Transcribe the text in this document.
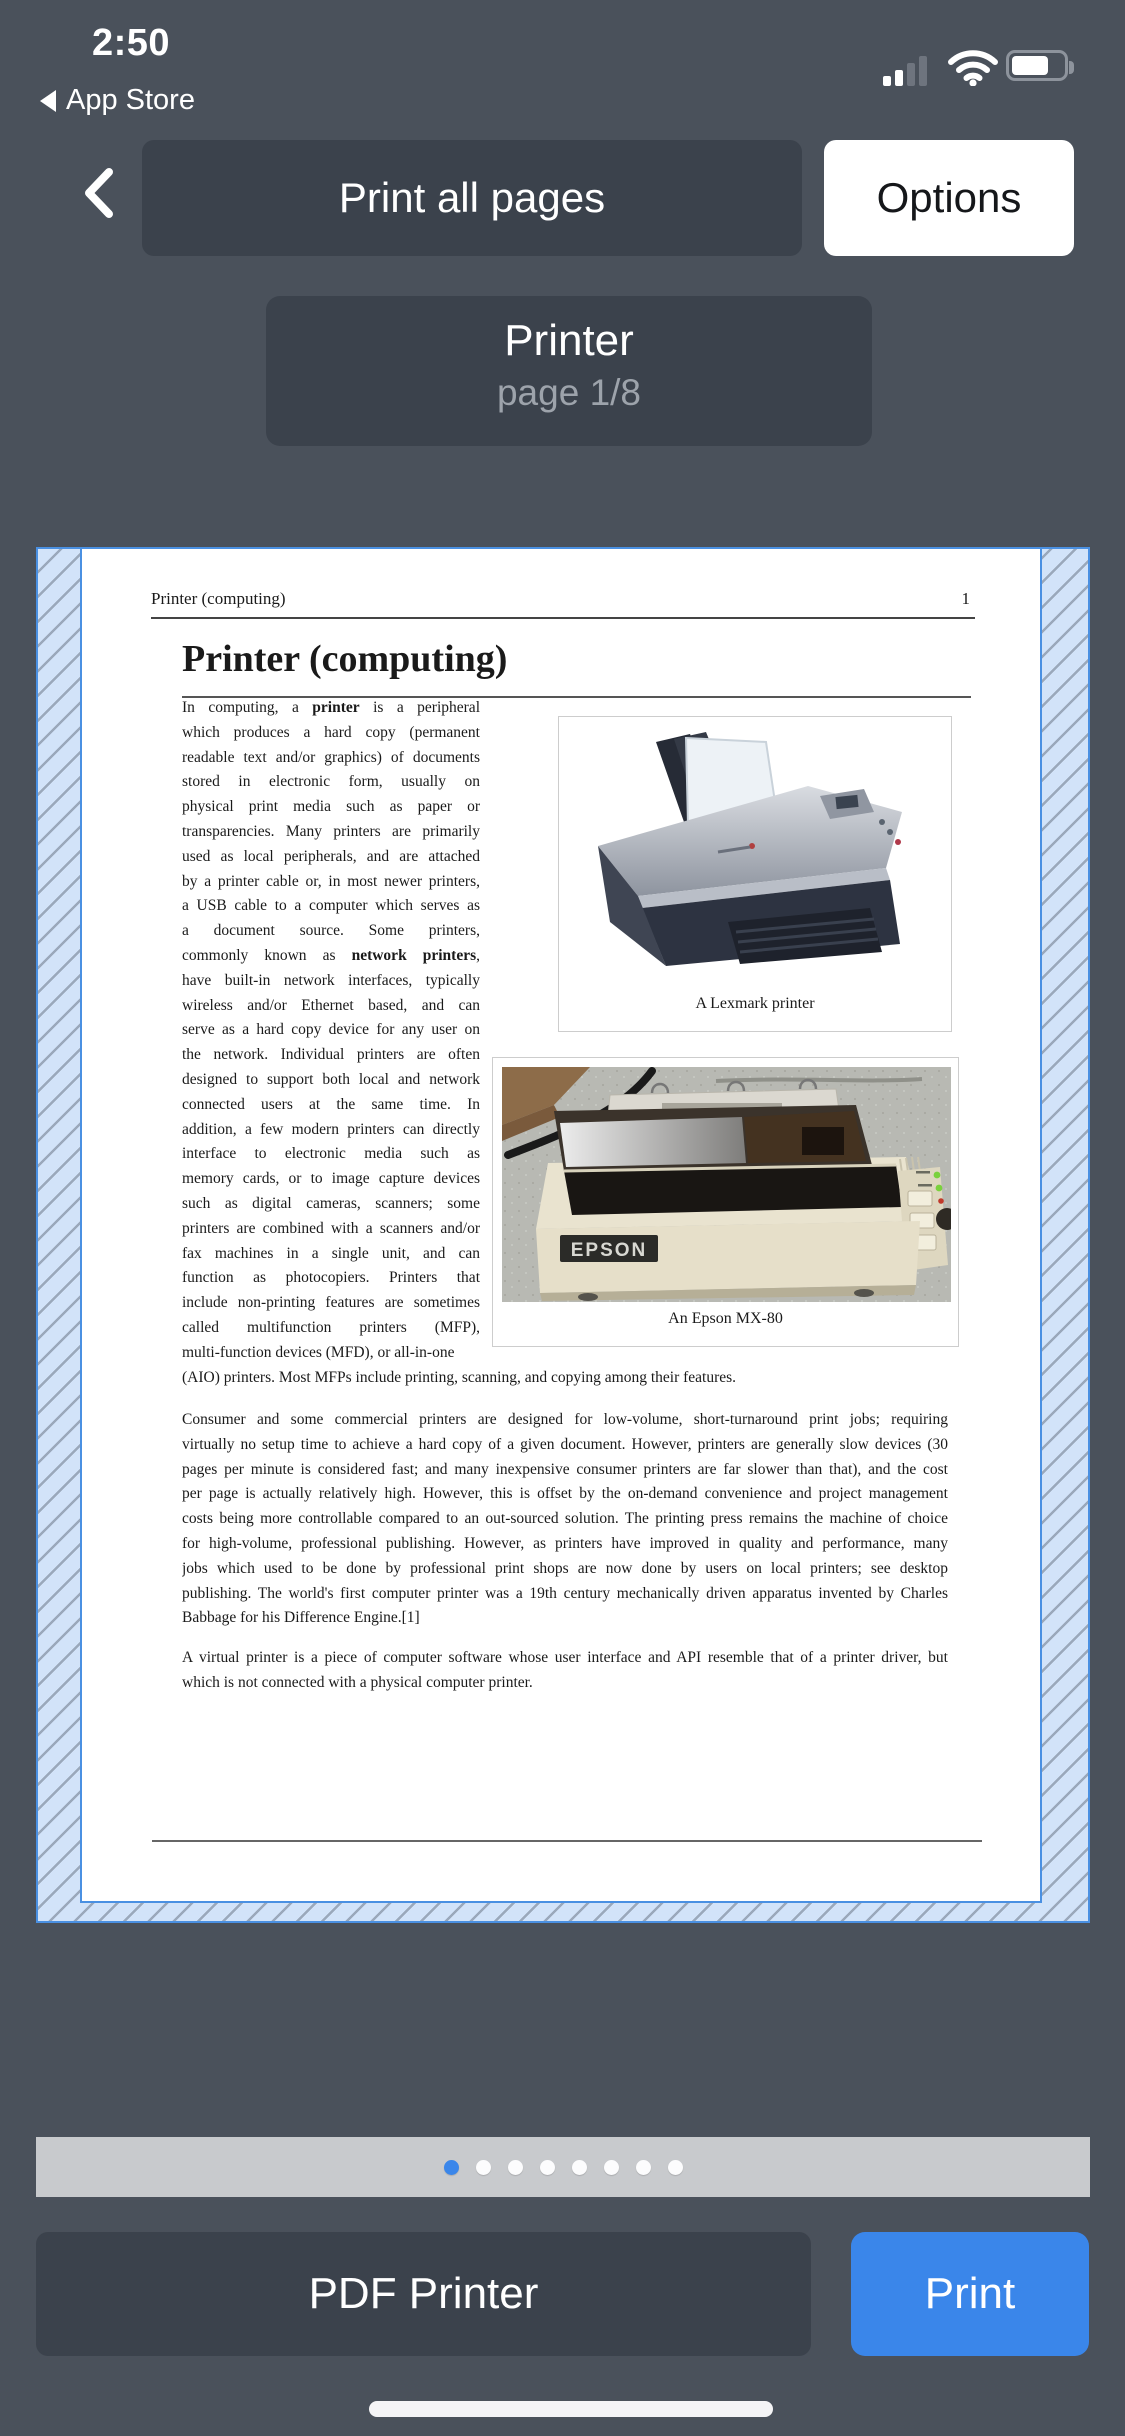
2:50
App Store
Print all pages	Options
Printer
page 1/8
Printer (computing)	1
Printer (computing)
In computing, a printer is a peripheral
which produces a hard copy (permanent
readable text and/or graphics) of documents
stored in electronic form, usually on
physical print media such as paper or
transparencies. Many printers are primarily
used as local peripherals, and are attached
by a printer cable or, in most newer printers,
a USB cable to a computer which serves as
a document source. Some printers,
commonly known as network printers,
have built-in network interfaces, typically
wireless and/or Ethernet based, and can
serve as a hard copy device for any user on
the network. Individual printers are often
designed to support both local and network
connected users at the same time. In
addition, a few modern printers can directly
interface to electronic media such as
memory cards, or to image capture devices
such as digital cameras, scanners; some
printers are combined with a scanners and/or
fax machines in a single unit, and can
function as photocopiers. Printers that
include non-printing features are sometimes
called multifunction printers (MFP),
multi-function devices (MFD), or all-in-one
(AIO) printers. Most MFPs include printing, scanning, and copying among their features.
Consumer and some commercial printers are designed for low-volume, short-turnaround print jobs; requiring
virtually no setup time to achieve a hard copy of a given document. However, printers are generally slow devices (30
pages per minute is considered fast; and many inexpensive consumer printers are far slower than that), and the cost
per page is actually relatively high. However, this is offset by the on-demand convenience and project management
costs being more controllable compared to an out-sourced solution. The printing press remains the machine of choice
for high-volume, professional publishing. However, as printers have improved in quality and performance, many
jobs which used to be done by professional print shops are now done by users on local printers; see desktop
publishing. The world's first computer printer was a 19th century mechanically driven apparatus invented by Charles
Babbage for his Difference Engine.[1]
A virtual printer is a piece of computer software whose user interface and API resemble that of a printer driver, but
which is not connected with a physical computer printer.
A Lexmark printer
EPSON
An Epson MX-80
PDF Printer	Print
